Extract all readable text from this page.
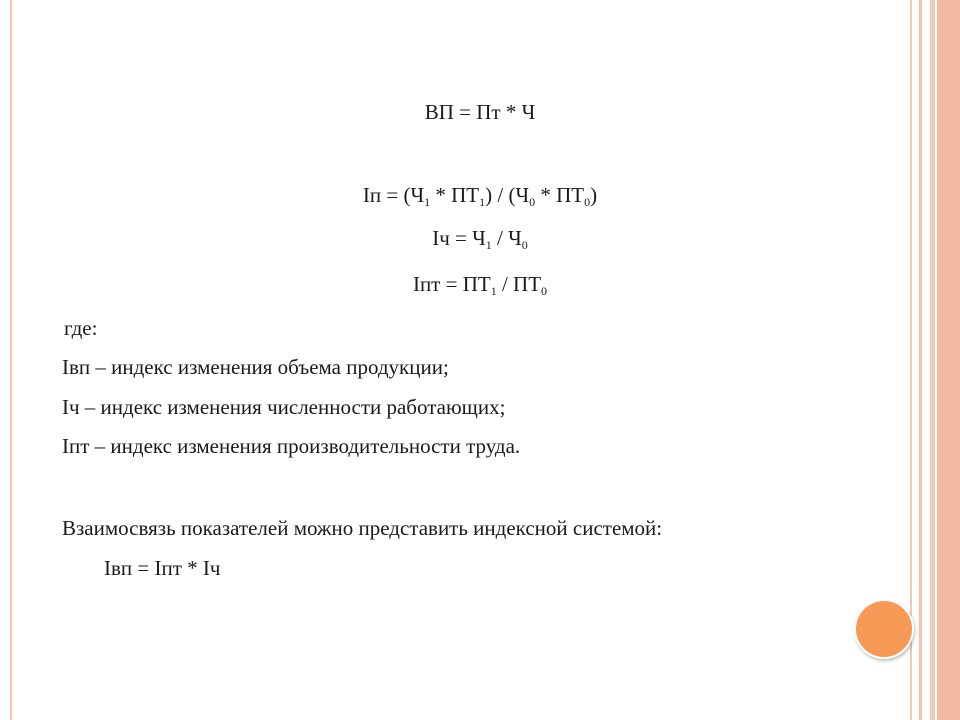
ВП = Пт * Ч
Iп = $(Ч_1 * ПТ_1) / (Ч_0 * ПТ_0)$
Iч = $Ч_1 / Ч_0$
Iпт = $ПТ_1 / ПТ_0$
где:
Iвп – индекс изменения объема продукции;
Iч – индекс изменения численности работающих;
Iпт – индекс изменения производительности труда.
Взаимосвязь показателей можно представить индексной системой:
Iвп = Iпт * Iч
